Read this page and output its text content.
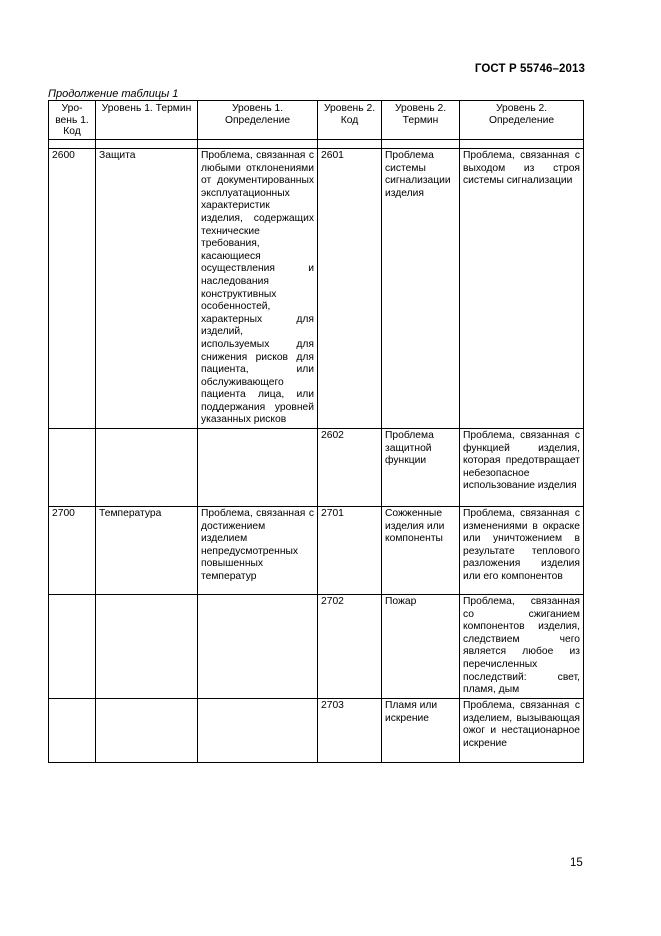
ГОСТ Р 55746–2013
Продолжение таблицы 1
Уро-вень 1. Код	Уровень 1. Термин	Уровень 1. Определение	Уровень 2. Код	Уровень 2. Термин	Уровень 2. Определение

2600	Защита	Проблема, связанная с любыми отклонениями от документированных эксплуатационных характеристик изделия, содержащих технические требования, касающиеся осуществления и наследования конструктивных особенностей, характерных для изделий, используемых для снижения рисков для пациента, или обслуживающего пациента лица, или поддержания уровней указанных рисков	2601	Проблема системы сигнализации изделия	Проблема, связанная с выходом из строя системы сигнализации
			2602	Проблема защитной функции	Проблема, связанная с функцией изделия, которая предотвращает небезопасное использование изделия
2700	Температура	Проблема, связанная с достижением изделием непредусмотренных повышенных температур	2701	Сожженные изделия или компоненты	Проблема, связанная с изменениями в окраске или уничтожением в результате теплового разложения изделия или его компонентов
			2702	Пожар	Проблема, связанная со сжиганием компонентов изделия, следствием чего является любое из перечисленных последствий: свет, пламя, дым
			2703	Пламя или искрение	Проблема, связанная с изделием, вызывающая ожог и нестационарное искрение
15
